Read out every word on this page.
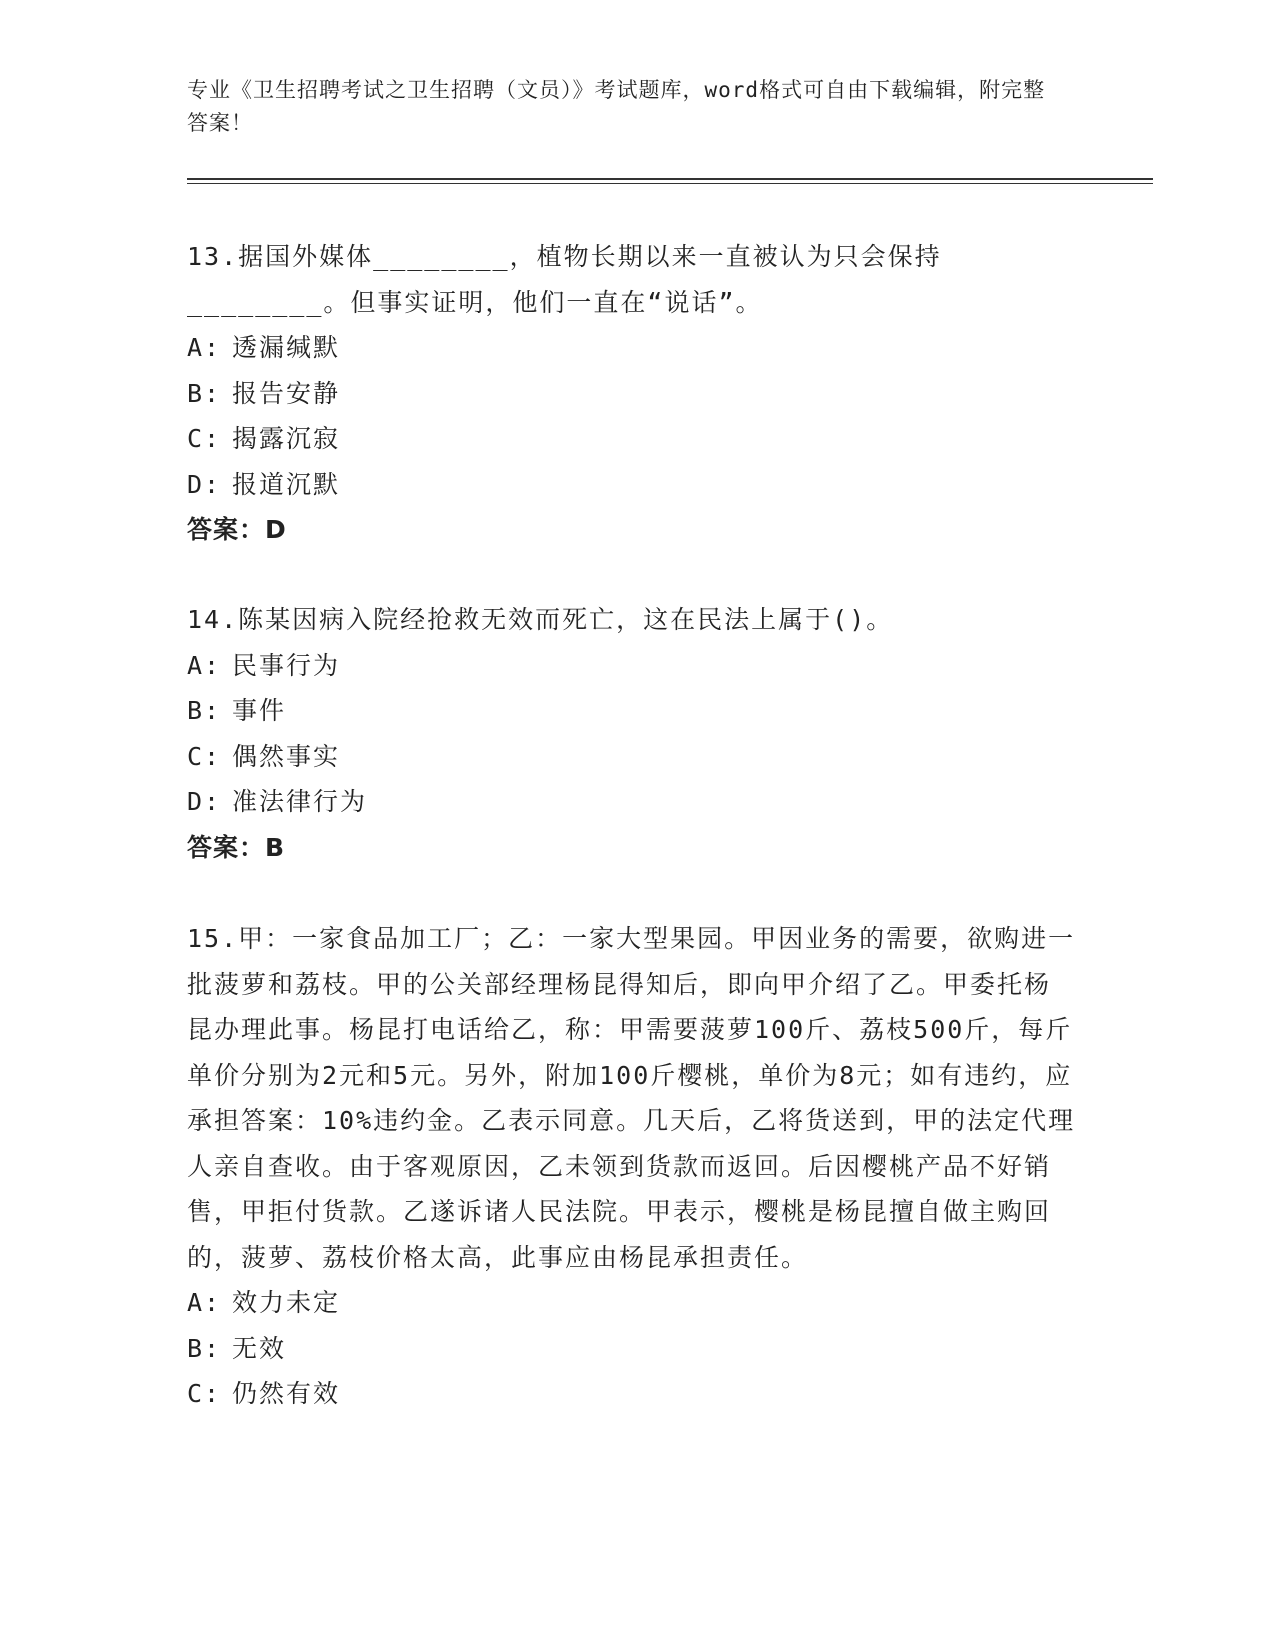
专业《卫生招聘考试之卫生招聘（文员）》考试题库，word格式可自由下载编辑，附完整答案！

13.据国外媒体________，植物长期以来一直被认为只会保持________。但事实证明，他们一直在“说话”。

A: 透漏缄默

B: 报告安静

C: 揭露沉寂

D: 报道沉默

答案：D

14.陈某因病入院经抢救无效而死亡，这在民法上属于()。

A: 民事行为

B: 事件

C: 偶然事实

D: 准法律行为

答案：B

15.甲：一家食品加工厂；乙：一家大型果园。甲因业务的需要，欲购进一批菠萝和荔枝。甲的公关部经理杨昆得知后，即向甲介绍了乙。甲委托杨昆办理此事。杨昆打电话给乙，称：甲需要菠萝100斤、荔枝500斤，每斤单价分别为2元和5元。另外，附加100斤樱桃，单价为8元；如有违约，应承担答案：10%违约金。乙表示同意。几天后，乙将货送到，甲的法定代理人亲自查收。由于客观原因，乙未领到货款而返回。后因樱桃产品不好销售，甲拒付货款。乙遂诉诸人民法院。甲表示，樱桃是杨昆擅自做主购回的，菠萝、荔枝价格太高，此事应由杨昆承担责任。

A: 效力未定

B: 无效

C: 仍然有效
